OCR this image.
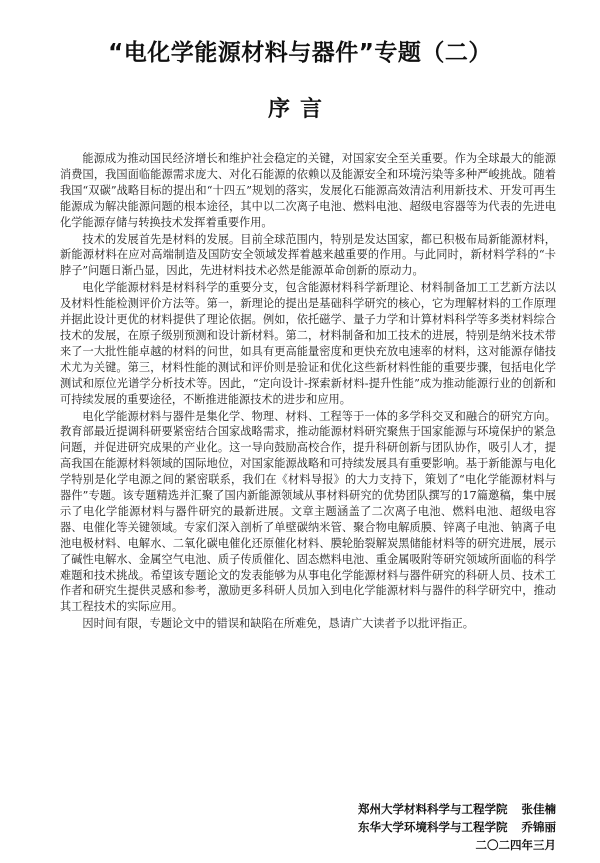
“电化学能源材料与器件”专题（二）
序言

能源成为推动国民经济增长和维护社会稳定的关键，对国家安全至关重要。作为全球最大的能源消费国，我国面临能源需求庞大、对化石能源的依赖以及能源安全和环境污染等多种严峻挑战。随着我国“双碳”战略目标的提出和“十四五”规划的落实，发展化石能源高效清洁利用新技术、开发可再生能源成为解决能源问题的根本途径，其中以二次离子电池、燃料电池、超级电容器等为代表的先进电化学能源存储与转换技术发挥着重要作用。

技术的发展首先是材料的发展。目前全球范围内，特别是发达国家，都已积极布局新能源材料，新能源材料在应对高端制造及国防安全领域发挥着越来越重要的作用。与此同时，新材料学科的“卡脖子”问题日渐凸显，因此，先进材料技术必然是能源革命创新的原动力。

电化学能源材料是材料科学的重要分支，包含能源材料科学新理论、材料制备加工工艺新方法以及材料性能检测评价方法等。第一，新理论的提出是基础科学研究的核心，它为理解材料的工作原理并据此设计更优的材料提供了理论依据。例如，依托磁学、量子力学和计算材料科学等多类材料综合技术的发展，在原子级别预测和设计新材料。第二，材料制备和加工技术的进展，特别是纳米技术带来了一大批性能卓越的材料的问世，如具有更高能量密度和更快充放电速率的材料，这对能源存储技术尤为关键。第三，材料性能的测试和评价则是验证和优化这些新材料性能的重要步骤，包括电化学测试和原位光谱学分析技术等。因此，“定向设计-探索新材料-提升性能”成为推动能源行业的创新和可持续发展的重要途径，不断推进能源技术的进步和应用。

电化学能源材料与器件是集化学、物理、材料、工程等于一体的多学科交叉和融合的研究方向。教育部最近提调科研要紧密结合国家战略需求，推动能源材料研究聚焦于国家能源与环境保护的紧急问题，并促进研究成果的产业化。这一导向鼓励高校合作，提升科研创新与团队协作，吸引人才，提高我国在能源材料领域的国际地位，对国家能源战略和可持续发展具有重要影响。基于新能源与电化学特别是化学电源之间的紧密联系，我们在《材料导报》的大力支持下，策划了“电化学能源材料与器件”专题。该专题精选并汇聚了国内新能源领域从事材料研究的优势团队撰写的17篇邀稿，集中展示了电化学能源材料与器件研究的最新进展。文章主题涵盖了二次离子电池、燃料电池、超级电容器、电催化等关键领域。专家们深入剖析了单壁碳纳米管、聚合物电解质膜、锌离子电池、钠离子电池电极材料、电解水、二氧化碳电催化还原催化材料、膜轮胎裂解炭黑储能材料等的研究进展，展示了碱性电解水、金属空气电池、质子传质催化、固态燃料电池、重金属吸附等研究领域所面临的科学难题和技术挑战。希望该专题论文的发表能够为从事电化学能源材料与器件研究的科研人员、技术工作者和研究生提供灵感和参考，激励更多科研人员加入到电化学能源材料与器件的科学研究中，推动其工程技术的实际应用。

因时间有限，专题论文中的错误和缺陷在所难免，恳请广大读者予以批评指正。

郑州大学材料科学与工程学院 张佳楠
东华大学环境科学与工程学院 乔锦丽
二〇二四年三月
